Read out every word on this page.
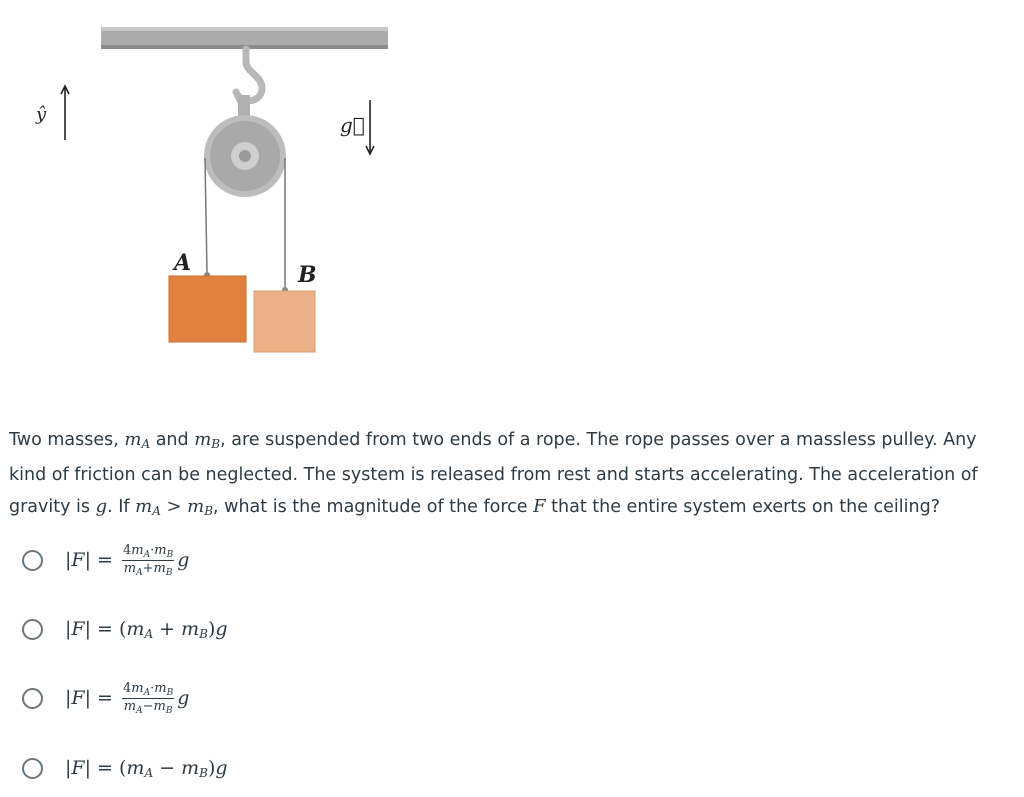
A	B
ŷ	g⃗

Two masses, $m_A$ and $m_B$, are suspended from two ends of a rope. The rope passes over a massless pulley. Any kind of friction can be neglected. The system is released from rest and starts accelerating. The acceleration of gravity is g. If $m_A > m_B$, what is the magnitude of the force F that the entire system exerts on the ceiling?

| F | = $\frac{4m_A\cdot m_B}{m_A+m_B}$ g
| F | = ( m A + m B ) g
| F | = $\frac{4m_A\cdot m_B}{m_A-m_B}$ g
| F | = ( m A − m B ) g
